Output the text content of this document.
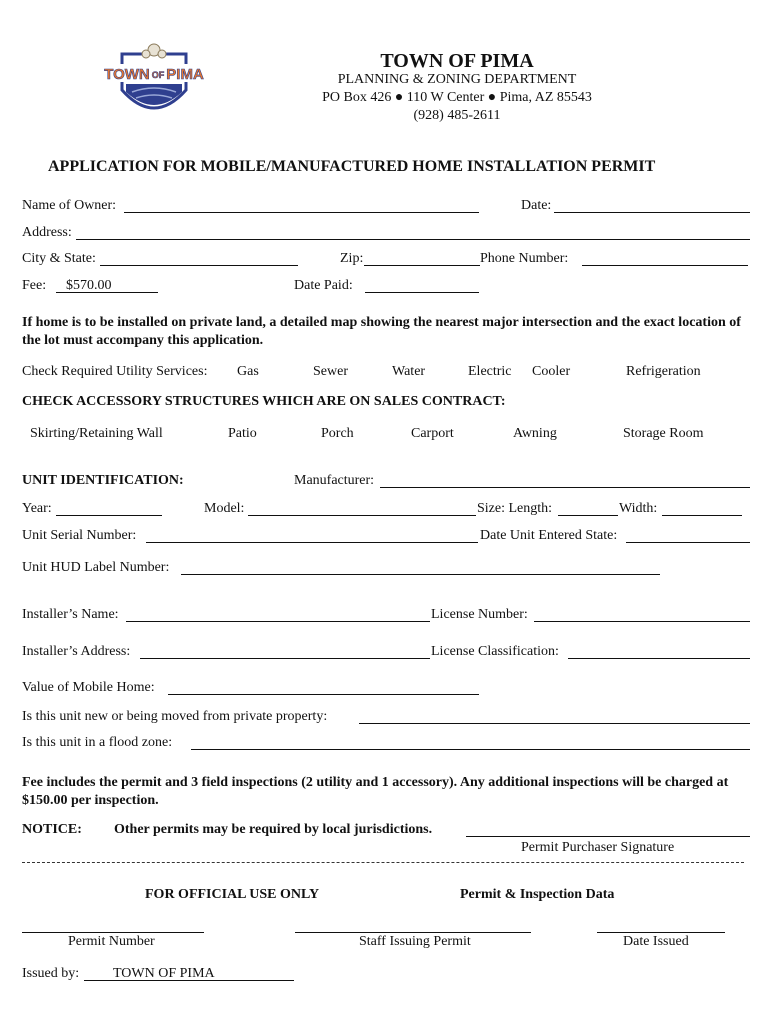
TOWN OF PIMA
TOWN OF PIMA
PLANNING & ZONING DEPARTMENT
PO Box 426 ● 110 W Center ● Pima, AZ 85543
(928) 485-2611
APPLICATION FOR MOBILE/MANUFACTURED HOME INSTALLATION PERMIT
Name of Owner:	Date:
Address:
City & State:	Zip:	Phone Number:
Fee: $570.00	Date Paid:
If home is to be installed on private land, a detailed map showing the nearest major intersection and the exact location of the lot must accompany this application.
Check Required Utility Services: Gas	Sewer	Water	Electric Cooler	Refrigeration
CHECK ACCESSORY STRUCTURES WHICH ARE ON SALES CONTRACT:
Skirting/Retaining Wall	Patio	Porch	Carport	Awning	Storage Room
UNIT IDENTIFICATION:	Manufacturer:
Year:	Model:	Size: Length:	Width:
Unit Serial Number:	Date Unit Entered State:
Unit HUD Label Number:
Installer’s Name:	License Number:
Installer’s Address:	License Classification:
Value of Mobile Home:
Is this unit new or being moved from private property:
Is this unit in a flood zone:
Fee includes the permit and 3 field inspections (2 utility and 1 accessory). Any additional inspections will be charged at $150.00 per inspection.
NOTICE: Other permits may be required by local jurisdictions.
Permit Purchaser Signature
FOR OFFICIAL USE ONLY	Permit & Inspection Data
Permit Number	Staff Issuing Permit	Date Issued
Issued by: TOWN OF PIMA
